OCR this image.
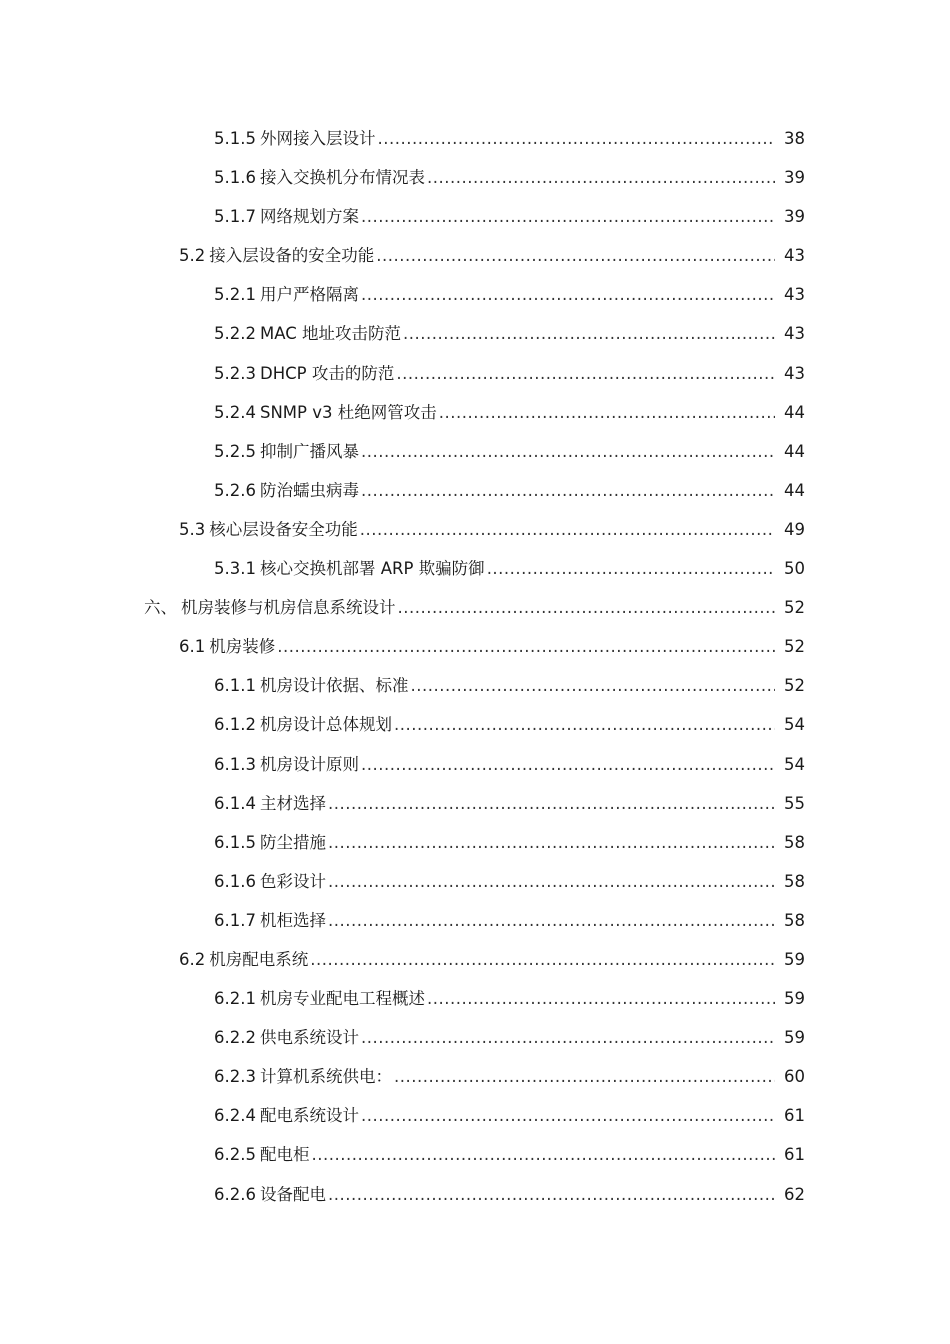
5.1.5 外网接入层设计 .....	38
5.1.6 接入交换机分布情况表 .....	39
5.1.7 网络规划方案 .....	39
5.2 接入层设备的安全功能 .....	43
5.2.1 用户严格隔离 .....	43
5.2.2 MAC 地址攻击防范 .....	43
5.2.3 DHCP 攻击的防范 .....	43
5.2.4 SNMP v3 杜绝网管攻击 .....	44
5.2.5 抑制广播风暴 .....	44
5.2.6 防治蠕虫病毒 .....	44
5.3 核心层设备安全功能 .....	49
5.3.1 核心交换机部署 ARP 欺骗防御 .....	50
六、 机房装修与机房信息系统设计 .....	52
6.1 机房装修 .....	52
6.1.1 机房设计依据、标准 .....	52
6.1.2 机房设计总体规划 .....	54
6.1.3 机房设计原则 .....	54
6.1.4 主材选择 .....	55
6.1.5 防尘措施 .....	58
6.1.6 色彩设计 .....	58
6.1.7 机柜选择 .....	58
6.2 机房配电系统 .....	59
6.2.1 机房专业配电工程概述 .....	59
6.2.2 供电系统设计 .....	59
6.2.3 计算机系统供电： .....	60
6.2.4 配电系统设计 .....	61
6.2.5 配电柜 .....	61
6.2.6 设备配电 .....	62
